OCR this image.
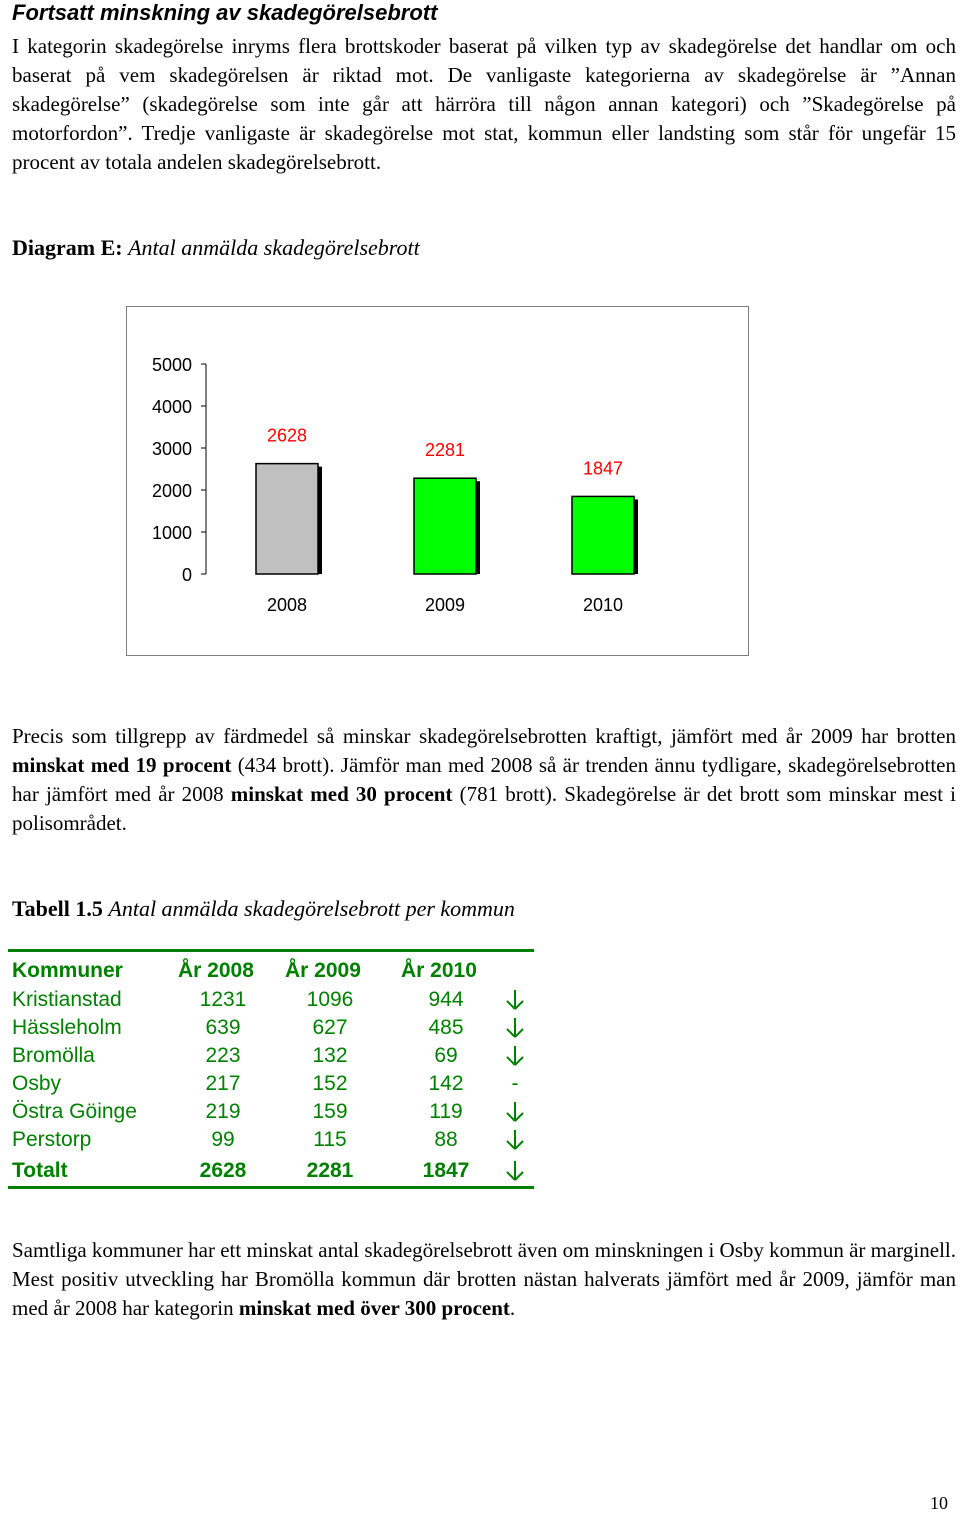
Fortsatt minskning av skadegörelsebrott

I kategorin skadegörelse inryms flera brottskoder baserat på vilken typ av skadegörelse det handlar om och baserat på vem skadegörelsen är riktad mot. De vanligaste kategorierna av skadegörelse är ”Annan skadegörelse” (skadegörelse som inte går att härröra till någon annan kategori) och ”Skadegörelse på motorfordon”. Tredje vanligaste är skadegörelse mot stat, kommun eller landsting som står för ungefär 15 procent av totala andelen skadegörelsebrott.

Diagram E: Antal anmälda skadegörelsebrott
0
1000
2000
3000
4000
5000
2628
2008
2281
2009
1847
2010

Precis som tillgrepp av färdmedel så minskar skadegörelsebrotten kraftigt, jämfört med år 2009 har brotten minskat med 19 procent (434 brott). Jämför man med 2008 så är trenden ännu tydligare, skadegörelsebrotten har jämfört med år 2008 minskat med 30 procent (781 brott). Skadegörelse är det brott som minskar mest i polisområdet.

Tabell 1.5 Antal anmälda skadegörelsebrott per kommun
Kommuner	År 2008	År 2009	År 2010
Kristianstad	1231	1096	944
Hässleholm	639	627	485
Bromölla	223	132	69
Osby	217	152	142	-
Östra Göinge	219	159	119
Perstorp	99	115	88
Totalt	2628	2281	1847

Samtliga kommuner har ett minskat antal skadegörelsebrott även om minskningen i Osby kommun är marginell. Mest positiv utveckling har Bromölla kommun där brotten nästan halverats jämfört med år 2009, jämför man med år 2008 har kategorin minskat med över 300 procent.

10
